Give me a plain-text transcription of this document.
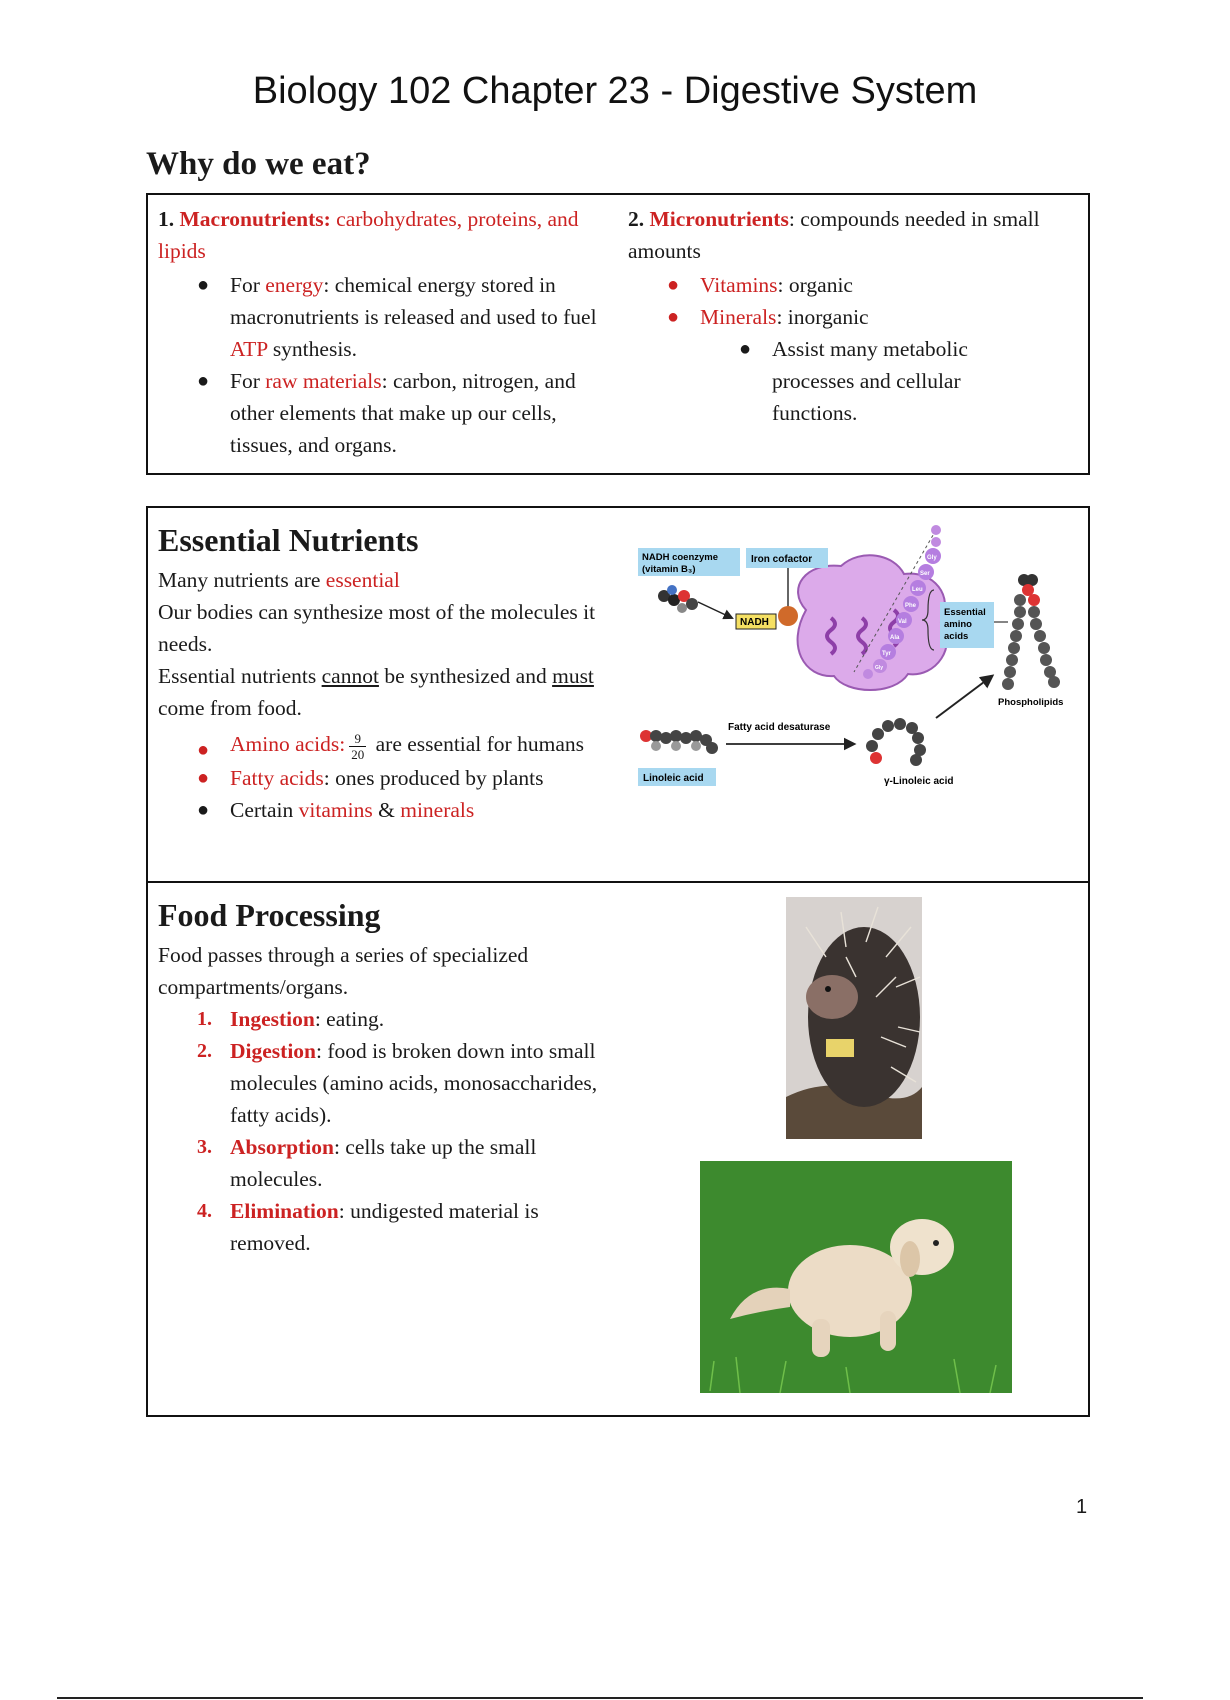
Biology 102 Chapter 23 - Digestive System
Why do we eat?
1. Macronutrients: carbohydrates, proteins, and lipids
● For energy: chemical energy stored in macronutrients is released and used to fuel ATP synthesis.
● For raw materials: carbon, nitrogen, and other elements that make up our cells, tissues, and organs.
2. Micronutrients: compounds needed in small amounts
● Vitamins: organic
● Minerals: inorganic
● Assist many metabolic processes and cellular functions.
Essential Nutrients
Many nutrients are essential
Our bodies can synthesize most of the molecules it needs.
Essential nutrients cannot be synthesized and must come from food.
● Amino acids: $\frac{9}{20}$ are essential for humans
● Fatty acids: ones produced by plants
● Certain vitamins & minerals
NADH coenzyme
(vitamin B₃)
Iron cofactor
NADH
Gly
Ser
Leu
Phe
Val
Ala
Tyr
Gly
Essential
amino
acids
Phospholipids
Linoleic acid
Fatty acid desaturase
γ-Linoleic acid
Food Processing
Food passes through a series of specialized compartments/organs.
1. Ingestion: eating.
2. Digestion: food is broken down into small molecules (amino acids, monosaccharides, fatty acids).
3. Absorption: cells take up the small molecules.
4. Elimination: undigested material is removed.
1
